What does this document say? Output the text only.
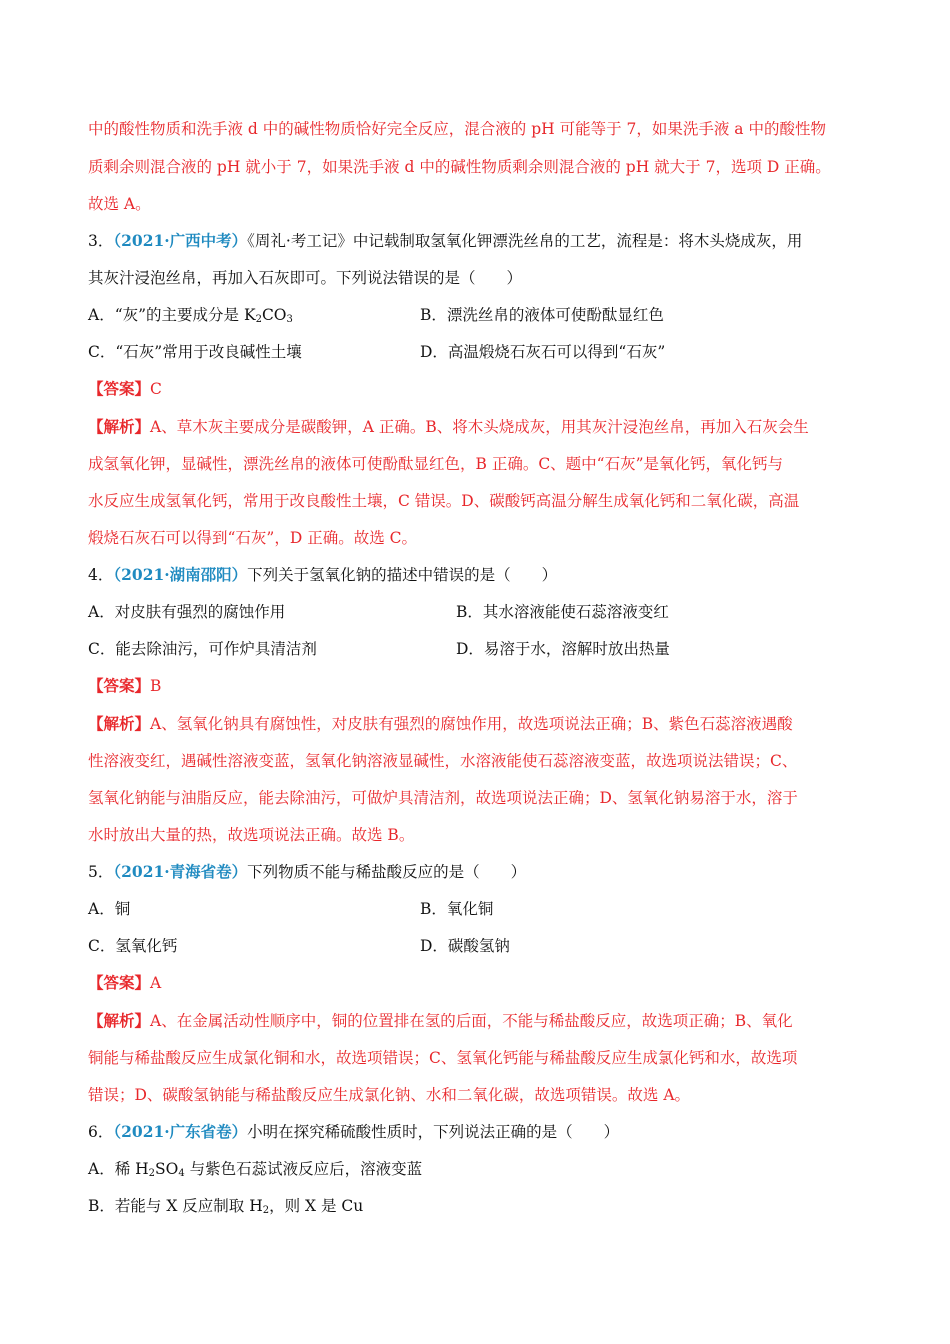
中的酸性物质和洗手液 d 中的碱性物质恰好完全反应，混合液的 pH 可能等于 7，如果洗手液 a 中的酸性物
质剩余则混合液的 pH 就小于 7，如果洗手液 d 中的碱性物质剩余则混合液的 pH 就大于 7，选项 D 正确。
故选 A。
3．（2021·广西中考）《周礼·考工记》中记载制取氢氧化钾漂洗丝帛的工艺，流程是：将木头烧成灰，用
其灰汁浸泡丝帛，再加入石灰即可。下列说法错误的是（　　）
A．“灰”的主要成分是 $K_2CO_3$	B．漂洗丝帛的液体可使酚酞显红色
C．“石灰”常用于改良碱性土壤	D．高温煅烧石灰石可以得到“石灰”
【答案】C
【解析】A、草木灰主要成分是碳酸钾，A 正确。B、将木头烧成灰，用其灰汁浸泡丝帛，再加入石灰会生
成氢氧化钾，显碱性，漂洗丝帛的液体可使酚酞显红色，B 正确。C、题中“石灰”是氧化钙，氧化钙与
水反应生成氢氧化钙，常用于改良酸性土壤，C 错误。D、碳酸钙高温分解生成氧化钙和二氧化碳，高温
煅烧石灰石可以得到“石灰”，D 正确。故选 C。
4．（2021·湖南邵阳）下列关于氢氧化钠的描述中错误的是（　　）
A．对皮肤有强烈的腐蚀作用	B．其水溶液能使石蕊溶液变红
C．能去除油污，可作炉具清洁剂	D．易溶于水，溶解时放出热量
【答案】B
【解析】A、氢氧化钠具有腐蚀性，对皮肤有强烈的腐蚀作用，故选项说法正确；B、紫色石蕊溶液遇酸
性溶液变红，遇碱性溶液变蓝，氢氧化钠溶液显碱性，水溶液能使石蕊溶液变蓝，故选项说法错误；C、
氢氧化钠能与油脂反应，能去除油污，可做炉具清洁剂，故选项说法正确；D、氢氧化钠易溶于水，溶于
水时放出大量的热，故选项说法正确。故选 B。
5．（2021·青海省卷）下列物质不能与稀盐酸反应的是（　　）
A．铜	B．氧化铜
C．氢氧化钙	D．碳酸氢钠
【答案】A
【解析】A、在金属活动性顺序中，铜的位置排在氢的后面，不能与稀盐酸反应，故选项正确；B、氧化
铜能与稀盐酸反应生成氯化铜和水，故选项错误；C、氢氧化钙能与稀盐酸反应生成氯化钙和水，故选项
错误；D、碳酸氢钠能与稀盐酸反应生成氯化钠、水和二氧化碳，故选项错误。故选 A。
6．（2021·广东省卷）小明在探究稀硫酸性质时，下列说法正确的是（　　）
A．稀 $H_2SO_4$ 与紫色石蕊试液反应后，溶液变蓝
B．若能与 X 反应制取 $H_2$，则 X 是 Cu
